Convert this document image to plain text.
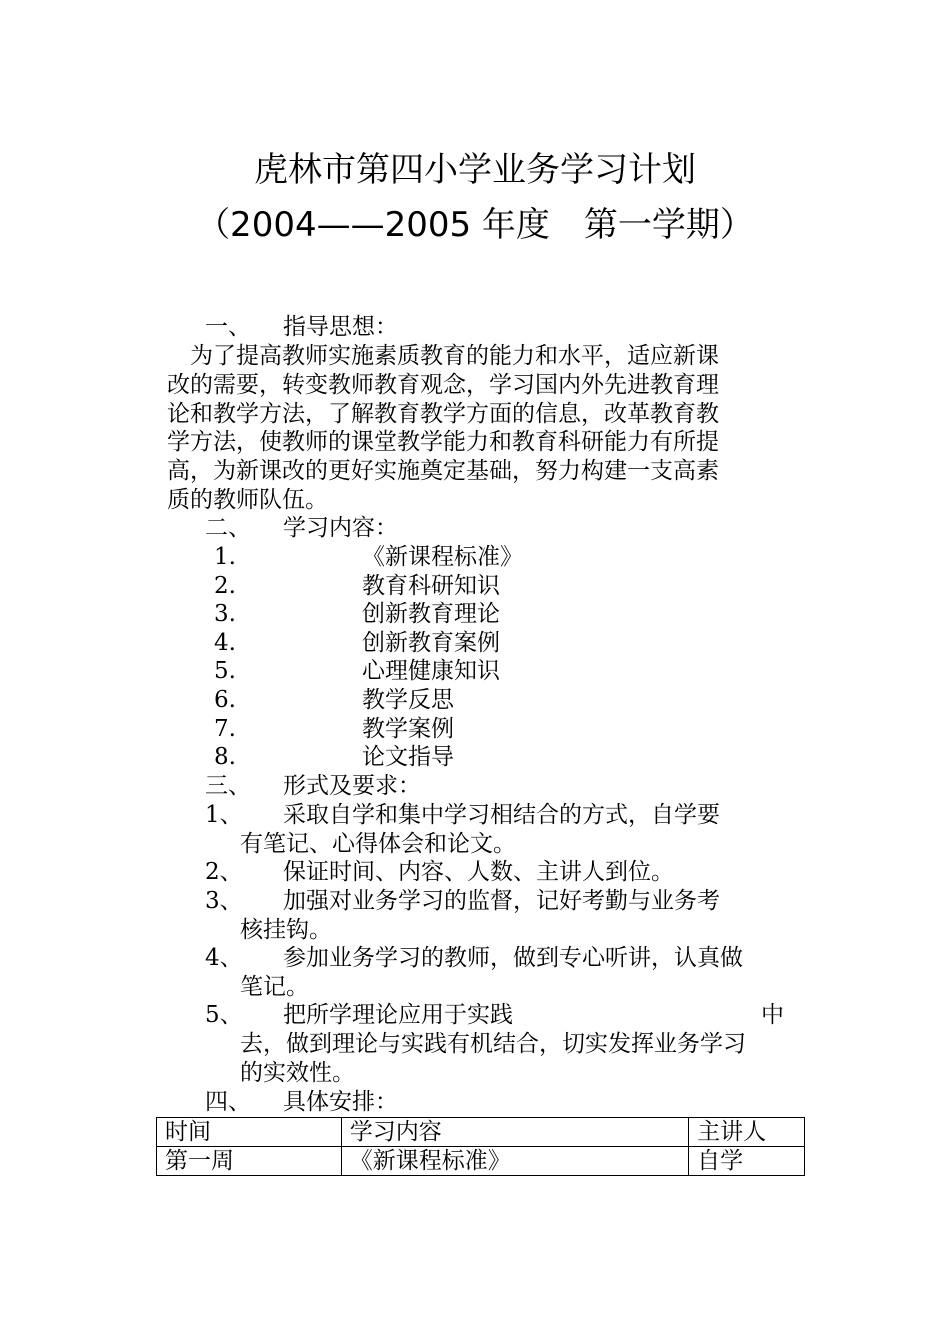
虎林市第四小学业务学习计划
（2004——2005 年度　第一学期）
一、 指导思想：
　为了提高教师实施素质教育的能力和水平，适应新课
改的需要，转变教师教育观念，学习国内外先进教育理
论和教学方法，了解教育教学方面的信息，改革教育教
学方法，使教师的课堂教学能力和教育科研能力有所提
高，为新课改的更好实施奠定基础，努力构建一支高素
质的教师队伍。
二、 学习内容：
1.	《新课程标准》
2.	教育科研知识
3.	创新教育理论
4.	创新教育案例
5.	心理健康知识
6.	教学反思
7.	教学案例
8.	论文指导
三、 形式及要求：
1、 采取自学和集中学习相结合的方式，自学要
有笔记、心得体会和论文。
2、 保证时间、内容、人数、主讲人到位。
3、 加强对业务学习的监督，记好考勤与业务考
核挂钩。
4、 参加业务学习的教师，做到专心听讲，认真做
笔记。
5、 把所学理论应用于实践	中
去，做到理论与实践有机结合，切实发挥业务学习
的实效性。
四、 具体安排：
时间	学习内容	主讲人
第一周	《新课程标准》	自学
